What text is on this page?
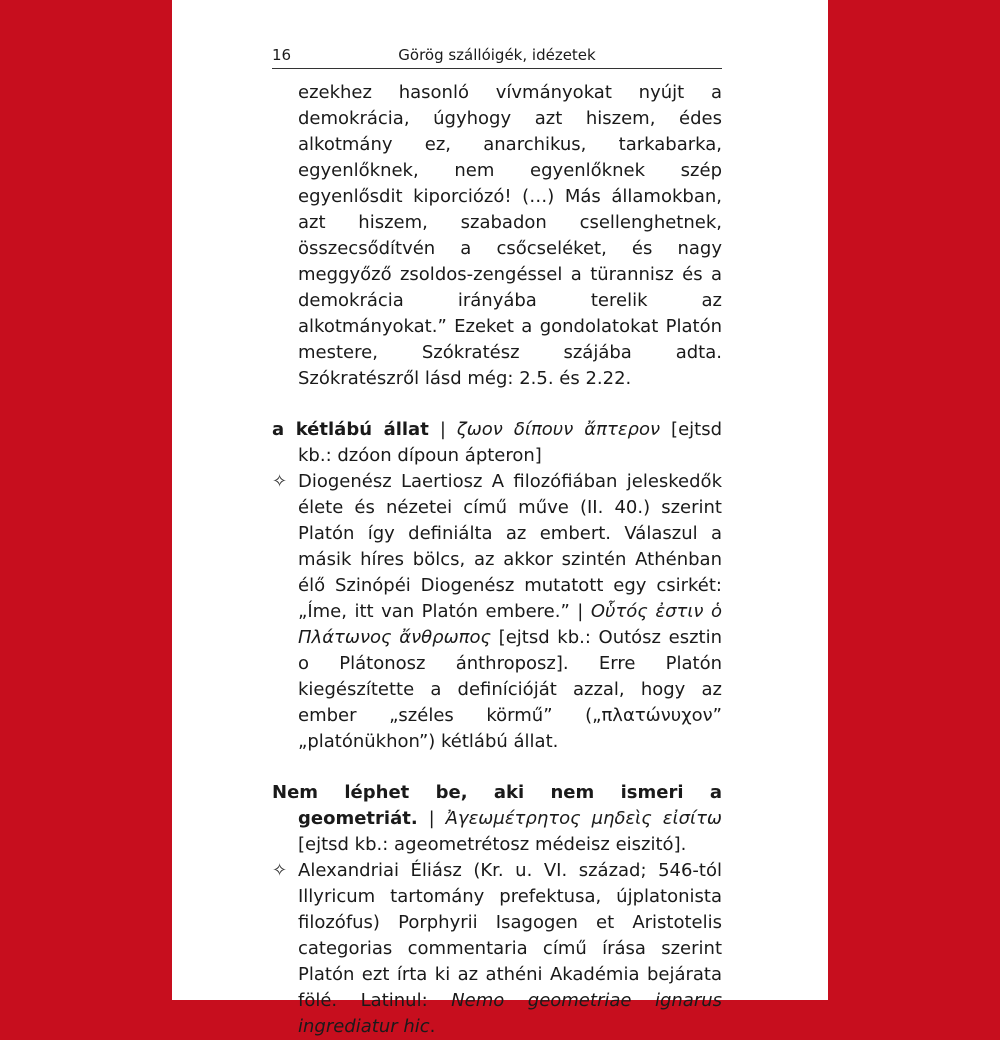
16	Görög szállóigék, idézetek

ezekhez hasonló vívmányokat nyújt a demokrácia, úgyhogy azt hiszem, édes alkotmány ez, anarchikus, tarkabarka, egyenlőknek, nem egyenlőknek szép egyenlősdit kiporciózó! (…) Más államokban, azt hiszem, szabadon csellenghetnek, összecsődítvén a csőcseléket, és nagy meggyőző zsoldos-zengéssel a türannisz és a demokrácia irányába terelik az alkotmányokat.” Ezeket a gondolatokat Platón mestere, Szókratész szájába adta. Szókratészről lásd még: 2.5. és 2.22.

a kétlábú állat | ζωον δίπουν ἄπτερον [ejtsd kb.: dzóon dípoun ápteron]

✧ Diogenész Laertiosz A filozófiában jeleskedők élete és nézetei című műve (II. 40.) szerint Platón így definiálta az embert. Válaszul a másik híres bölcs, az akkor szintén Athénban élő Szinópéi Diogenész mutatott egy csirkét: „Íme, itt van Platón embere.” | Οὗτός ἐστιν ὁ Πλάτωνος ἄνθρωπος [ejtsd kb.: Outósz esztin o Plátonosz ánthroposz]. Erre Platón kiegészítette a definícióját azzal, hogy az ember „széles körmű” („πλατώνυχον” „platónükhon”) kétlábú állat.

Nem léphet be, aki nem ismeri a geometriát. | Ἀγεωμέτρητος μηδεὶς εἰσίτω [ejtsd kb.: ageometrétosz médeisz eiszitó].

✧ Alexandriai Éliász (Kr. u. VI. század; 546-tól Illyricum tartomány prefektusa, újplatonista filozófus) Porphyrii Isagogen et Aristotelis categorias commentaria című írása szerint Platón ezt írta ki az athéni Akadémia bejárata fölé. Latinul: Nemo geometriae ignarus ingrediatur hic.
